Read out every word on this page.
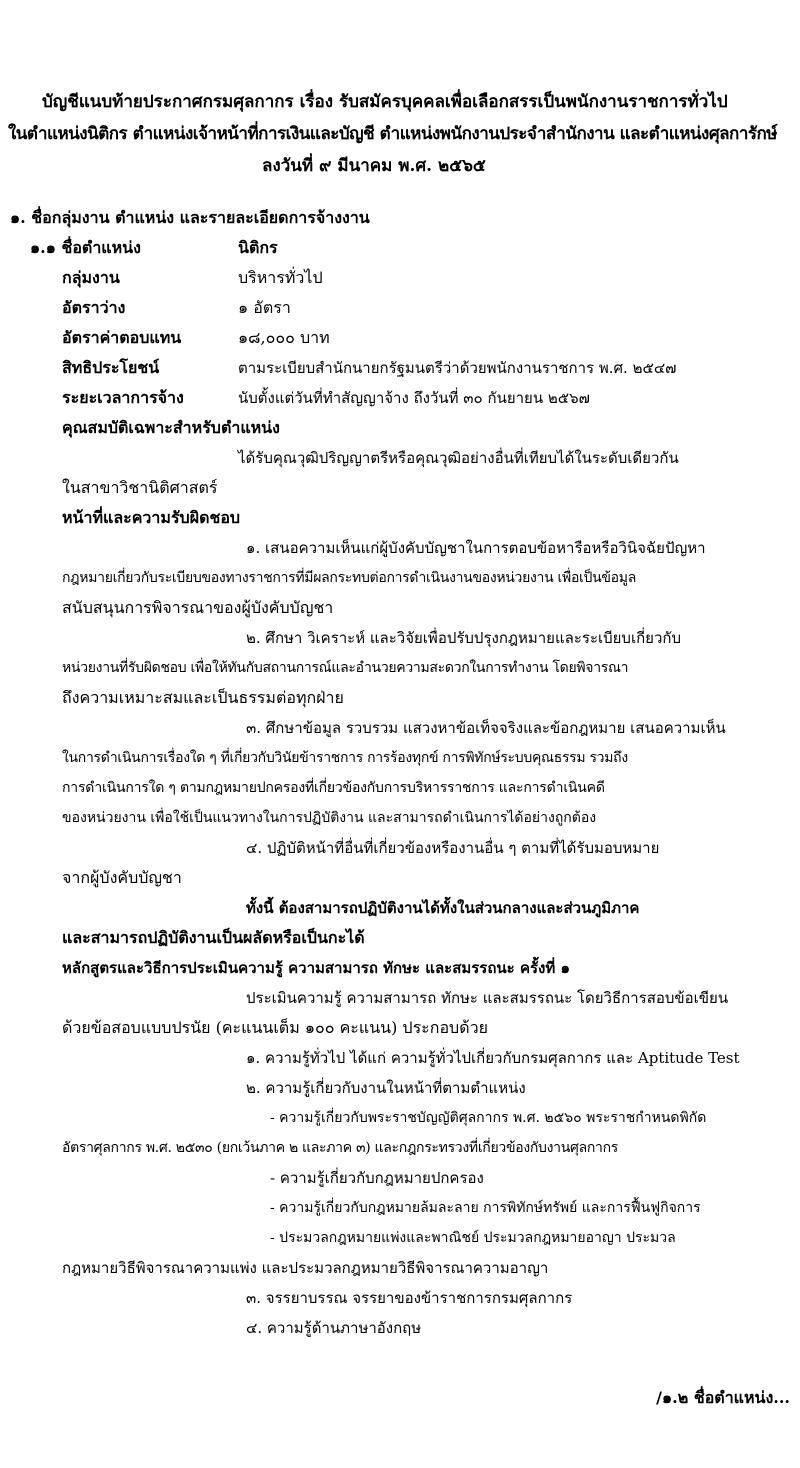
บัญชีแนบท้ายประกาศกรมศุลกากร เรื่อง รับสมัครบุคคลเพื่อเลือกสรรเป็นพนักงานราชการทั่วไป
ในตำแหน่งนิติกร ตำแหน่งเจ้าหน้าที่การเงินและบัญชี ตำแหน่งพนักงานประจำสำนักงาน และตำแหน่งศุลการักษ์
ลงวันที่ ๙ มีนาคม พ.ศ. ๒๕๖๕
๑. ชื่อกลุ่มงาน ตำแหน่ง และรายละเอียดการจ้างงาน
๑.๑ ชื่อตำแหน่ง	นิติกร
กลุ่มงาน	บริหารทั่วไป
อัตราว่าง	๑ อัตรา
อัตราค่าตอบแทน	๑๘,๐๐๐ บาท
สิทธิประโยชน์	ตามระเบียบสำนักนายกรัฐมนตรีว่าด้วยพนักงานราชการ พ.ศ. ๒๕๔๗
ระยะเวลาการจ้าง	นับตั้งแต่วันที่ทำสัญญาจ้าง ถึงวันที่ ๓๐ กันยายน ๒๕๖๗
คุณสมบัติเฉพาะสำหรับตำแหน่ง
ได้รับคุณวุฒิปริญญาตรีหรือคุณวุฒิอย่างอื่นที่เทียบได้ในระดับเดียวกัน
ในสาขาวิชานิติศาสตร์
หน้าที่และความรับผิดชอบ
๑. เสนอความเห็นแก่ผู้บังคับบัญชาในการตอบข้อหารือหรือวินิจฉัยปัญหา
กฎหมายเกี่ยวกับระเบียบของทางราชการที่มีผลกระทบต่อการดำเนินงานของหน่วยงาน เพื่อเป็นข้อมูล
สนับสนุนการพิจารณาของผู้บังคับบัญชา
๒. ศึกษา วิเคราะห์ และวิจัยเพื่อปรับปรุงกฎหมายและระเบียบเกี่ยวกับ
หน่วยงานที่รับผิดชอบ เพื่อให้ทันกับสถานการณ์และอำนวยความสะดวกในการทำงาน โดยพิจารณา
ถึงความเหมาะสมและเป็นธรรมต่อทุกฝ่าย
๓. ศึกษาข้อมูล รวบรวม แสวงหาข้อเท็จจริงและข้อกฎหมาย เสนอความเห็น
ในการดำเนินการเรื่องใด ๆ ที่เกี่ยวกับวินัยข้าราชการ การร้องทุกข์ การพิทักษ์ระบบคุณธรรม รวมถึง
การดำเนินการใด ๆ ตามกฎหมายปกครองที่เกี่ยวข้องกับการบริหารราชการ และการดำเนินคดี
ของหน่วยงาน เพื่อใช้เป็นแนวทางในการปฏิบัติงาน และสามารถดำเนินการได้อย่างถูกต้อง
๔. ปฏิบัติหน้าที่อื่นที่เกี่ยวข้องหรืองานอื่น ๆ ตามที่ได้รับมอบหมาย
จากผู้บังคับบัญชา
ทั้งนี้ ต้องสามารถปฏิบัติงานได้ทั้งในส่วนกลางและส่วนภูมิภาค
และสามารถปฏิบัติงานเป็นผลัดหรือเป็นกะได้
หลักสูตรและวิธีการประเมินความรู้ ความสามารถ ทักษะ และสมรรถนะ ครั้งที่ ๑
ประเมินความรู้ ความสามารถ ทักษะ และสมรรถนะ โดยวิธีการสอบข้อเขียน
ด้วยข้อสอบแบบปรนัย (คะแนนเต็ม ๑๐๐ คะแนน) ประกอบด้วย
๑. ความรู้ทั่วไป ได้แก่ ความรู้ทั่วไปเกี่ยวกับกรมศุลกากร และ Aptitude Test
๒. ความรู้เกี่ยวกับงานในหน้าที่ตามตำแหน่ง
- ความรู้เกี่ยวกับพระราชบัญญัติศุลกากร พ.ศ. ๒๕๖๐ พระราชกำหนดพิกัด
อัตราศุลกากร พ.ศ. ๒๕๓๐ (ยกเว้นภาค ๒ และภาค ๓) และกฎกระทรวงที่เกี่ยวข้องกับงานศุลกากร
- ความรู้เกี่ยวกับกฎหมายปกครอง
- ความรู้เกี่ยวกับกฎหมายล้มละลาย การพิทักษ์ทรัพย์ และการฟื้นฟูกิจการ
- ประมวลกฎหมายแพ่งและพาณิชย์ ประมวลกฎหมายอาญา ประมวล
กฎหมายวิธีพิจารณาความแพ่ง และประมวลกฎหมายวิธีพิจารณาความอาญา
๓. จรรยาบรรณ จรรยาของข้าราชการกรมศุลกากร
๔. ความรู้ด้านภาษาอังกฤษ
/๑.๒ ชื่อตำแหน่ง...
